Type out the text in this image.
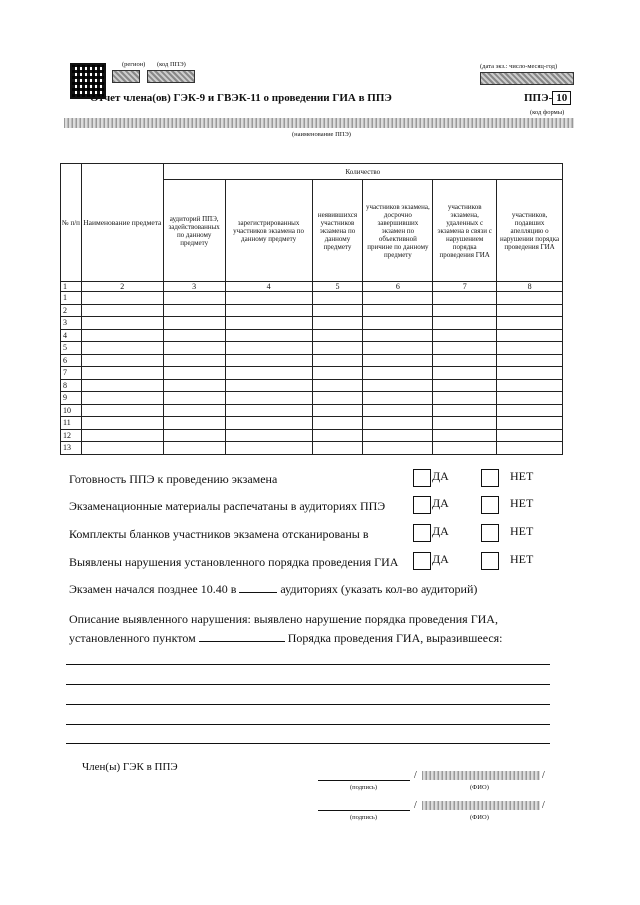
(регион) (код ППЭ)	(дата экз.: число-месяц-год)
Отчет члена(ов) ГЭК-9 и ГВЭК-11 о проведении ГИА в ППЭ	ППЭ- 10
(код формы)
(наименование ППЭ)
№ п/п	Наименование предмета	Количество					
		аудиторий ППЭ, задействованных по данному предмету	зарегистрированных участников экзамена по данному предмету	неявившихся участников экзамена по данному предмету	участников экзамена, досрочно завершивших экзамен по объективной причине по данному предмету	участников экзамена, удаленных с экзамена в связи с нарушением порядка проведения ГИА	участников, подавших апелляцию о нарушении порядка проведения ГИА
1	2	3	4	5	6	7	8
1							
2							
3							
4							
5							
6							
7							
8							
9							
10							
11							
12							
13							
Готовность ППЭ к проведению экзамена	ДА	НЕТ
Экзаменационные материалы распечатаны в аудиториях ППЭ	ДА	НЕТ
Комплекты бланков участников экзамена отсканированы в	ДА	НЕТ
Выявлены нарушения установленного порядка проведения ГИА	ДА	НЕТ
Экзамен начался позднее 10.40 в	аудиториях (указать кол-во аудиторий)
Описание выявленного нарушения: выявлено нарушение порядка проведения ГИА,
установленного пунктом	Порядка проведения ГИА, выразившееся:
Член(ы) ГЭК в ППЭ
/	/
(подпись)	(ФИО)
/	/
(подпись)	(ФИО)
